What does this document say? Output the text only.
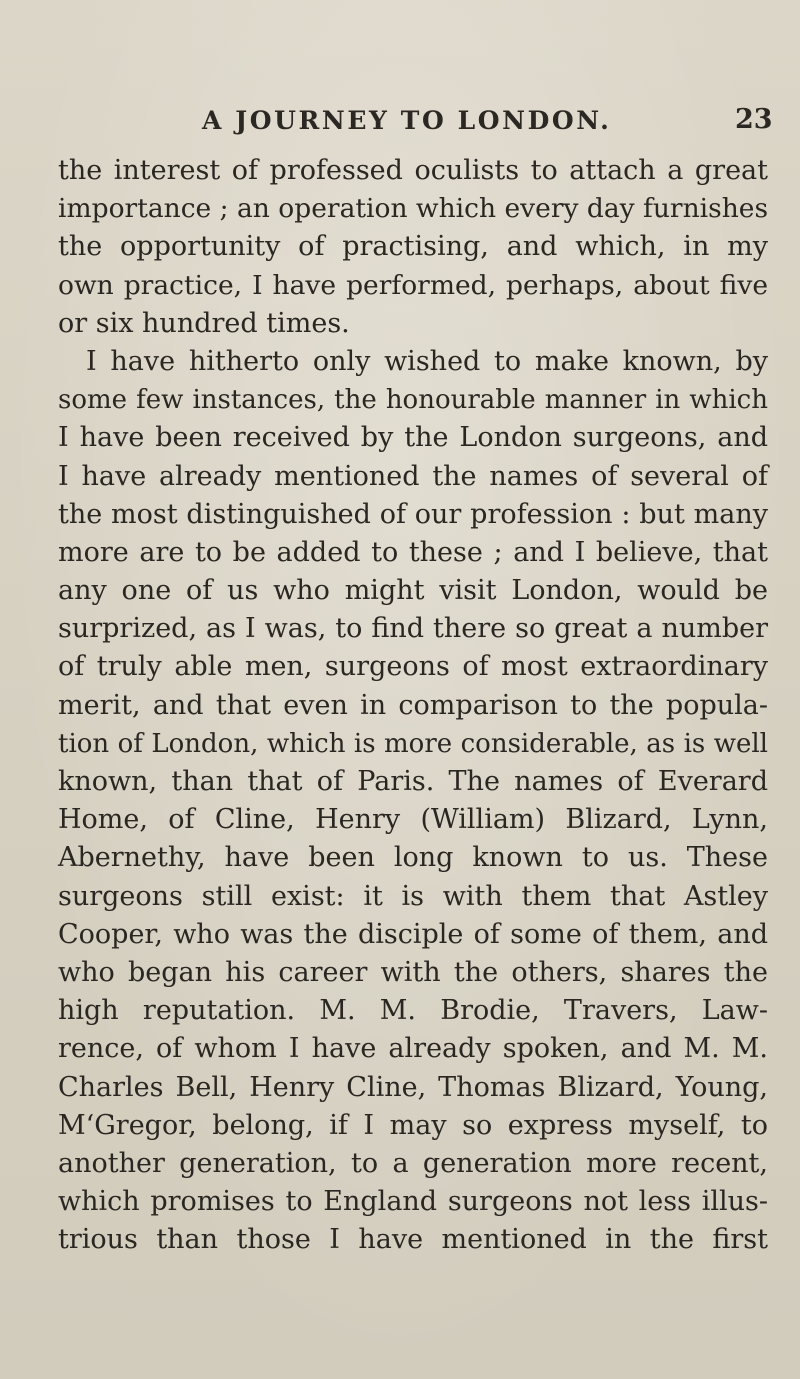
A JOURNEY TO LONDON.	23
the interest of professed oculists to attach a great
importance ; an operation which every day furnishes
the opportunity of practising, and which, in my
own practice, I have performed, perhaps, about five
or six hundred times.
I have hitherto only wished to make known, by
some few instances, the honourable manner in which
I have been received by the London surgeons, and
I have already mentioned the names of several of
the most distinguished of our profession : but many
more are to be added to these ; and I believe, that
any one of us who might visit London, would be
surprized, as I was, to find there so great a number
of truly able men, surgeons of most extraordinary
merit, and that even in comparison to the popula-
tion of London, which is more considerable, as is well
known, than that of Paris. The names of Everard
Home, of Cline, Henry (William) Blizard, Lynn,
Abernethy, have been long known to us. These
surgeons still exist: it is with them that Astley
Cooper, who was the disciple of some of them, and
who began his career with the others, shares the
high reputation. M. M. Brodie, Travers, Law-
rence, of whom I have already spoken, and M. M.
Charles Bell, Henry Cline, Thomas Blizard, Young,
M‘Gregor, belong, if I may so express myself, to
another generation, to a generation more recent,
which promises to England surgeons not less illus-
trious than those I have mentioned in the first
